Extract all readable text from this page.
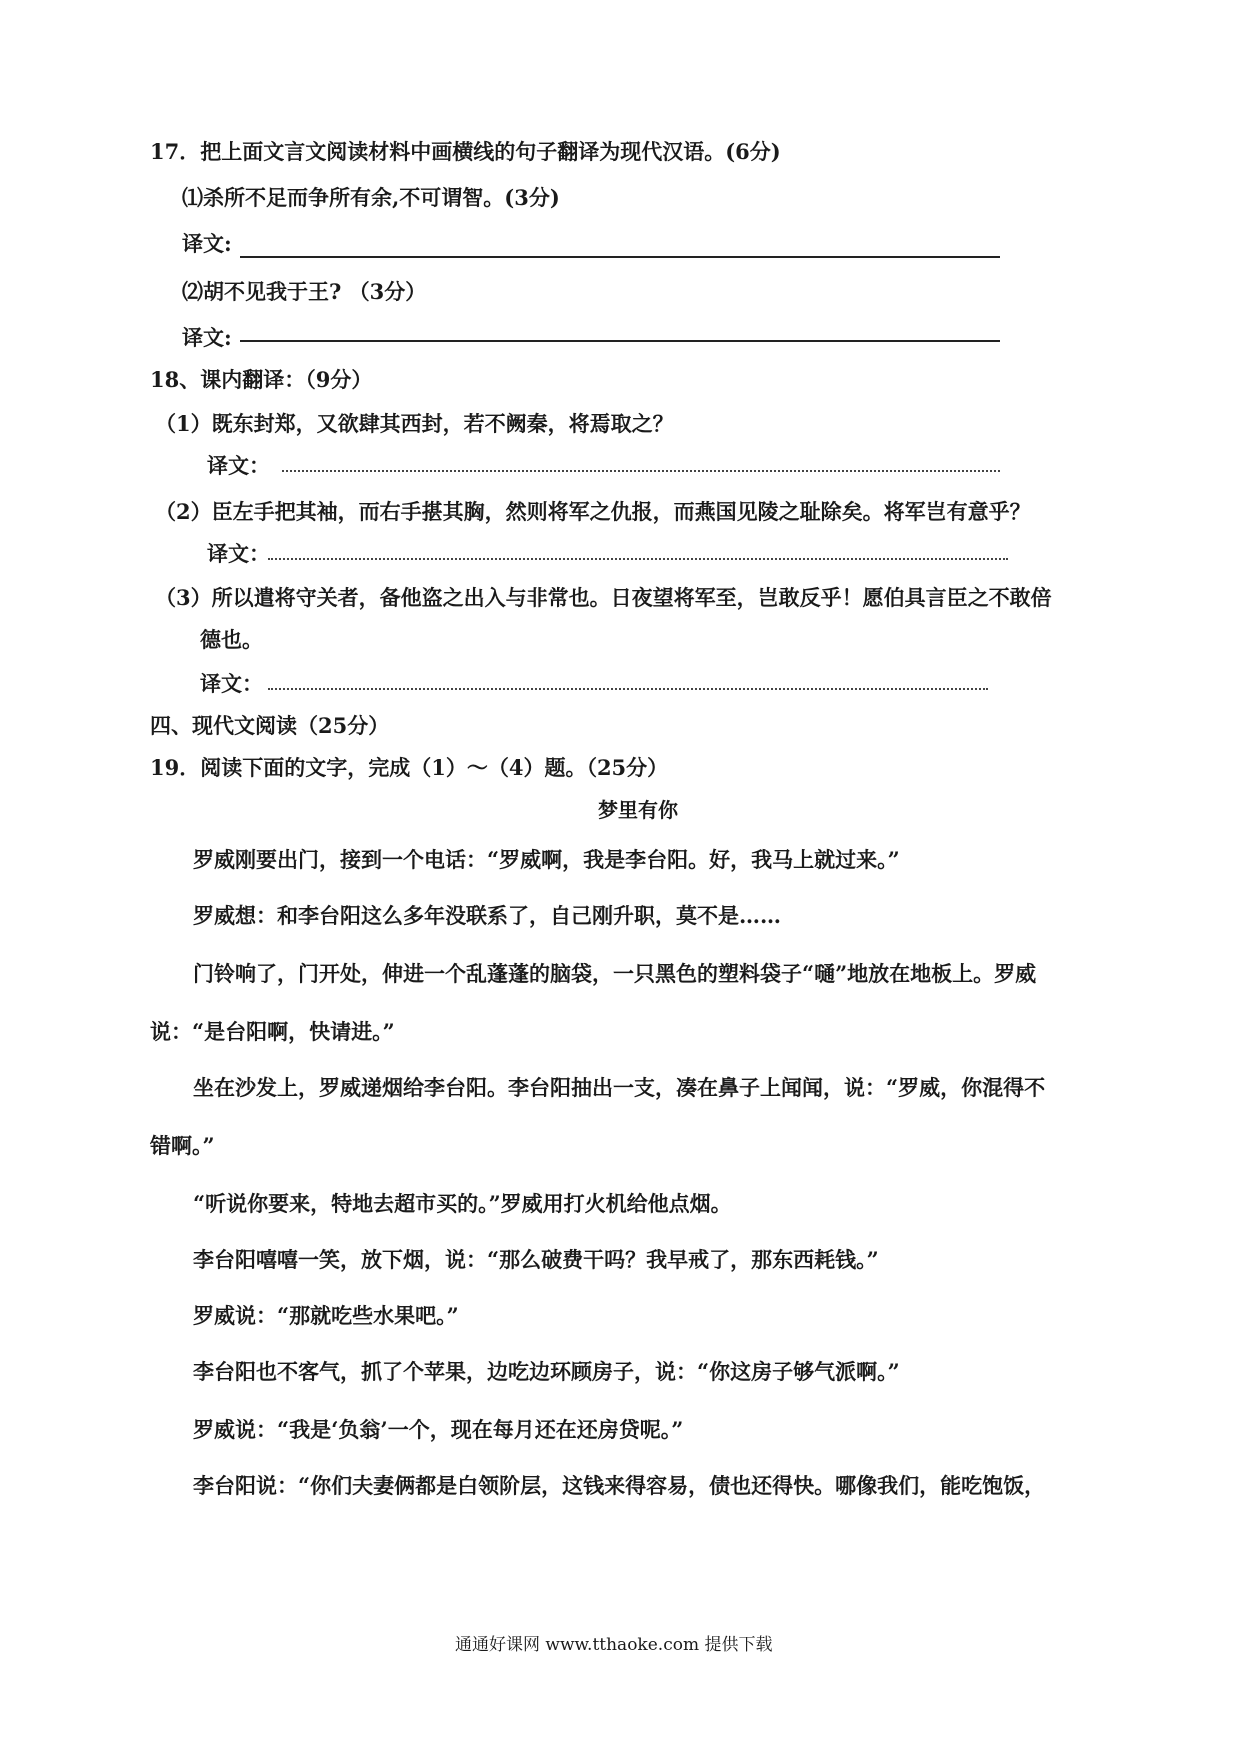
17．把上面文言文阅读材料中画横线的句子翻译为现代汉语。(6分)
⑴杀所不足而争所有余,不可谓智。(3分)
译文:
⑵胡不见我于王? （3分）
译文:
18、课内翻译：（9分）
（1）既东封郑，又欲肆其西封，若不阙秦，将焉取之？
译文：
（2）臣左手把其袖，而右手揕其胸，然则将军之仇报，而燕国见陵之耻除矣。将军岂有意乎？
译文：
（3）所以遣将守关者，备他盗之出入与非常也。日夜望将军至，岂敢反乎！愿伯具言臣之不敢倍
德也。
译文：
四、现代文阅读（25分）
19．阅读下面的文字，完成（1）～（4）题。（25分）
梦里有你
罗威刚要出门，接到一个电话：“罗威啊，我是李台阳。好，我马上就过来。”
罗威想：和李台阳这么多年没联系了，自己刚升职，莫不是……
门铃响了，门开处，伸进一个乱蓬蓬的脑袋，一只黑色的塑料袋子“嗵”地放在地板上。罗威
说：“是台阳啊，快请进。”
坐在沙发上，罗威递烟给李台阳。李台阳抽出一支，凑在鼻子上闻闻，说：“罗威，你混得不
错啊。”
“听说你要来，特地去超市买的。”罗威用打火机给他点烟。
李台阳嘻嘻一笑，放下烟，说：“那么破费干吗？我早戒了，那东西耗钱。”
罗威说：“那就吃些水果吧。”
李台阳也不客气，抓了个苹果，边吃边环顾房子，说：“你这房子够气派啊。”
罗威说：“我是‘负翁’一个，现在每月还在还房贷呢。”
李台阳说：“你们夫妻俩都是白领阶层，这钱来得容易，债也还得快。哪像我们，能吃饱饭，
通通好课网 www.tthaoke.com 提供下载
